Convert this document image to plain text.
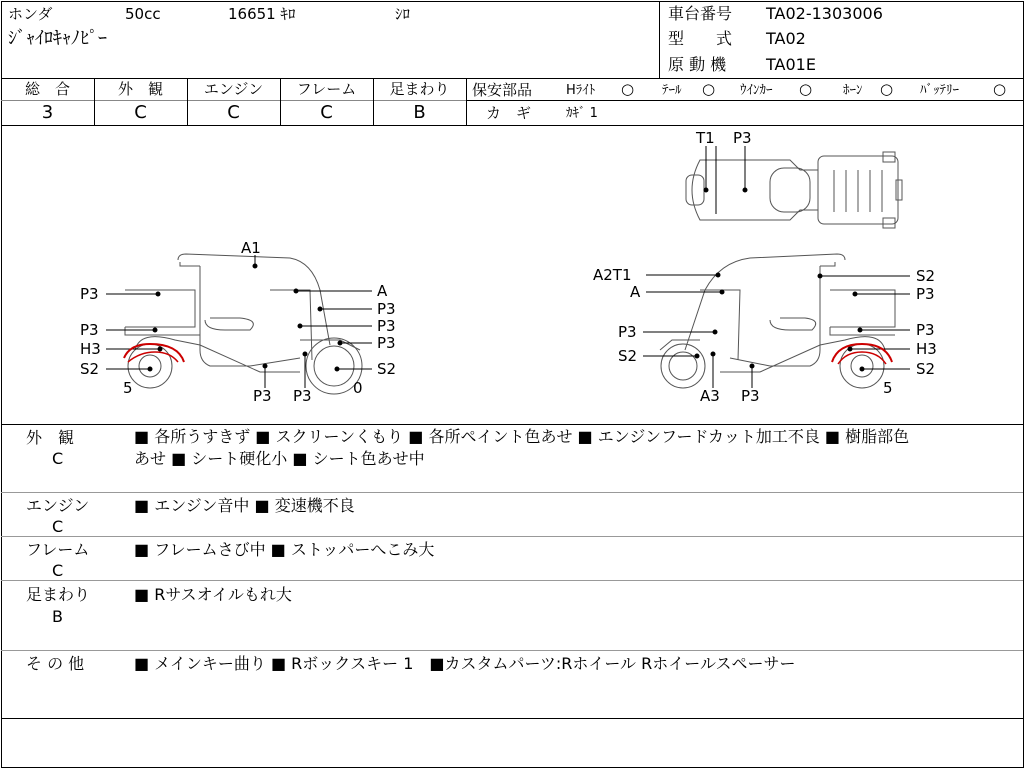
ホンダ	50cc	16651 ｷﾛ	ｼﾛ
ｼﾞｬｲﾛｷｬﾉﾋﾟｰ
車台番号 TA02-1303006
型　　式 TA02
原 動 機 TA01E
総　合
3
外　観
C
エンジン
C
フレーム
C
足まわり
B
保安部品	Hﾗｲﾄ ○ ﾃｰﾙ ○ ｳｲﾝｶｰ ○ ﾎｰﾝ ○ ﾊﾞｯﾃﾘｰ ○
カ　ギ	ｶｷﾞ 1
T1 P3
A1
P3
P3
H3
S2
5
A
P3
P3
P3
S2
P3 P3	0
A2T1
A
P3
S2
S2
P3
P3
H3
S2
5
A3 P3
外　観
C
■ 各所うすきず ■ スクリーンくもり ■ 各所ペイント色あせ ■ エンジンフードカット加工不良 ■ 樹脂部色
あせ ■ シート硬化小 ■ シート色あせ中
エンジン
C
■ エンジン音中 ■ 変速機不良
フレーム
C
■ フレームさび中 ■ ストッパーへこみ大
足まわり
B
■ Rサスオイルもれ大
そ の 他	■ メインキー曲り ■ Rボックスキー 1　■カスタムパーツ:Rホイール Rホイールスペーサー
